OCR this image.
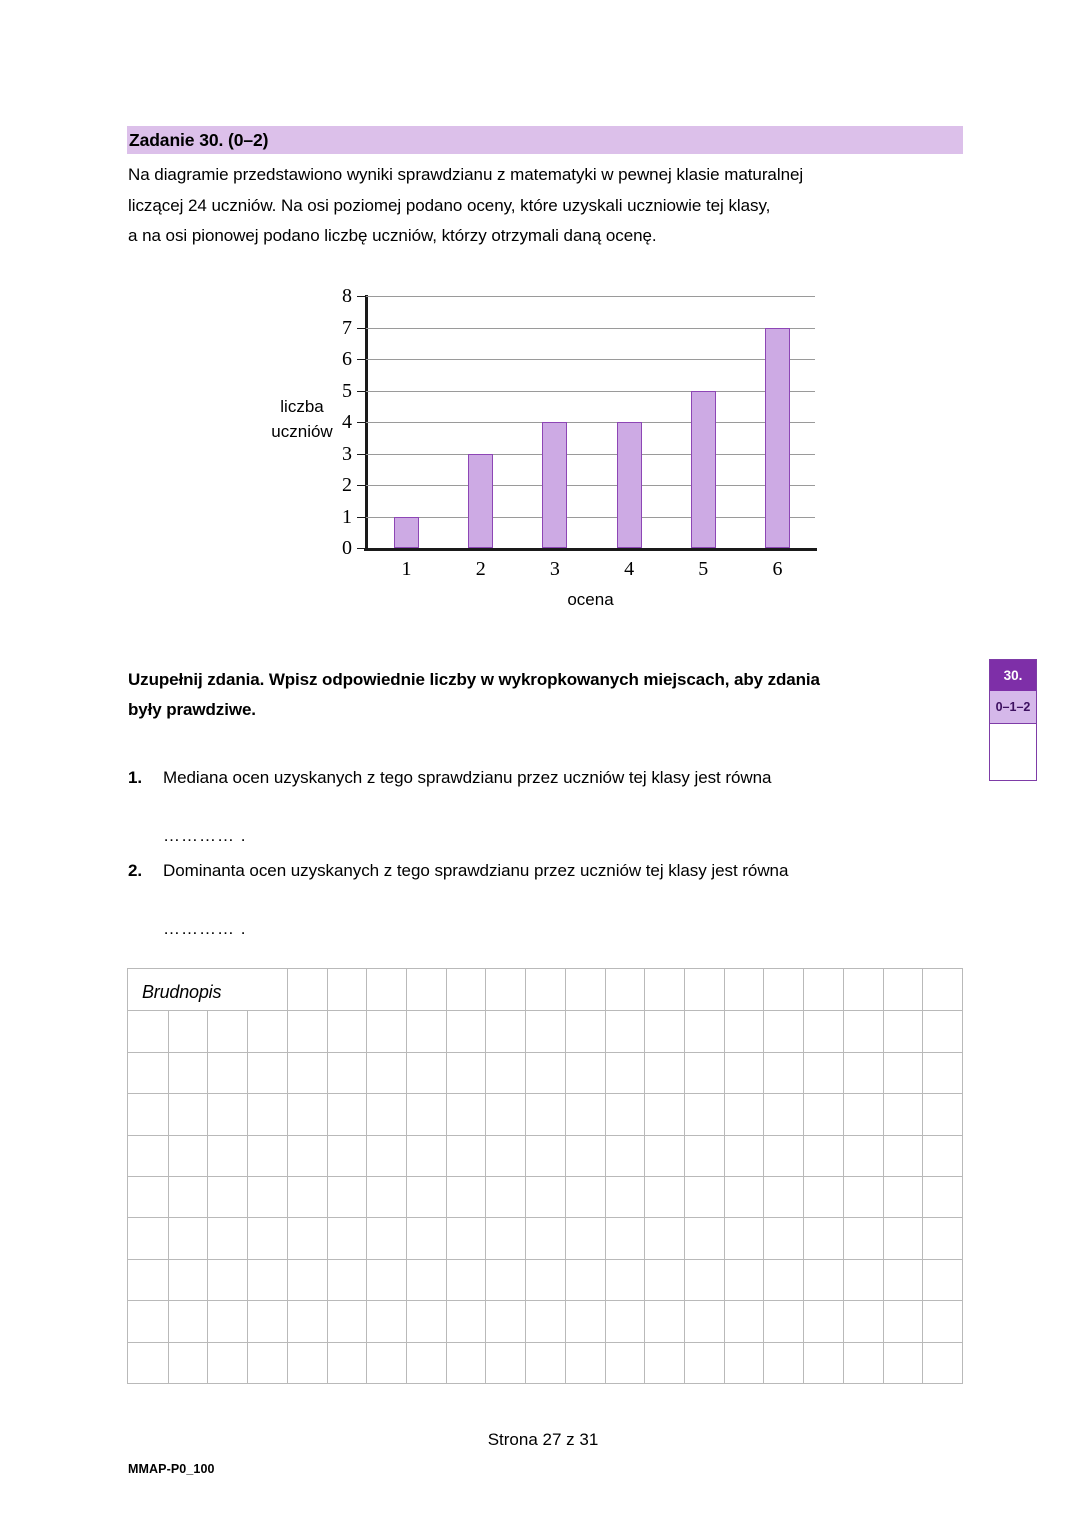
Zadanie 30. (0–2)
Na diagramie przedstawiono wyniki sprawdzianu z matematyki w pewnej klasie maturalnej
liczącej 24 uczniów. Na osi poziomej podano oceny, które uzyskali uczniowie tej klasy,
a na osi pionowej podano liczbę uczniów, którzy otrzymali daną ocenę.
liczba
uczniów
0
1
2
3
4
5
6
7
8
1	2	3	4	5	6
ocena
Uzupełnij zdania. Wpisz odpowiednie liczby w wykropkowanych miejscach, aby zdania
były prawdziwe.
30.
0–1–2
1.	Mediana ocen uzyskanych z tego sprawdzianu przez uczniów tej klasy jest równa
………… .
2.	Dominanta ocen uzyskanych z tego sprawdzianu przez uczniów tej klasy jest równa
………… .
Brudnopis
Strona 27 z 31
MMAP-P0_100
